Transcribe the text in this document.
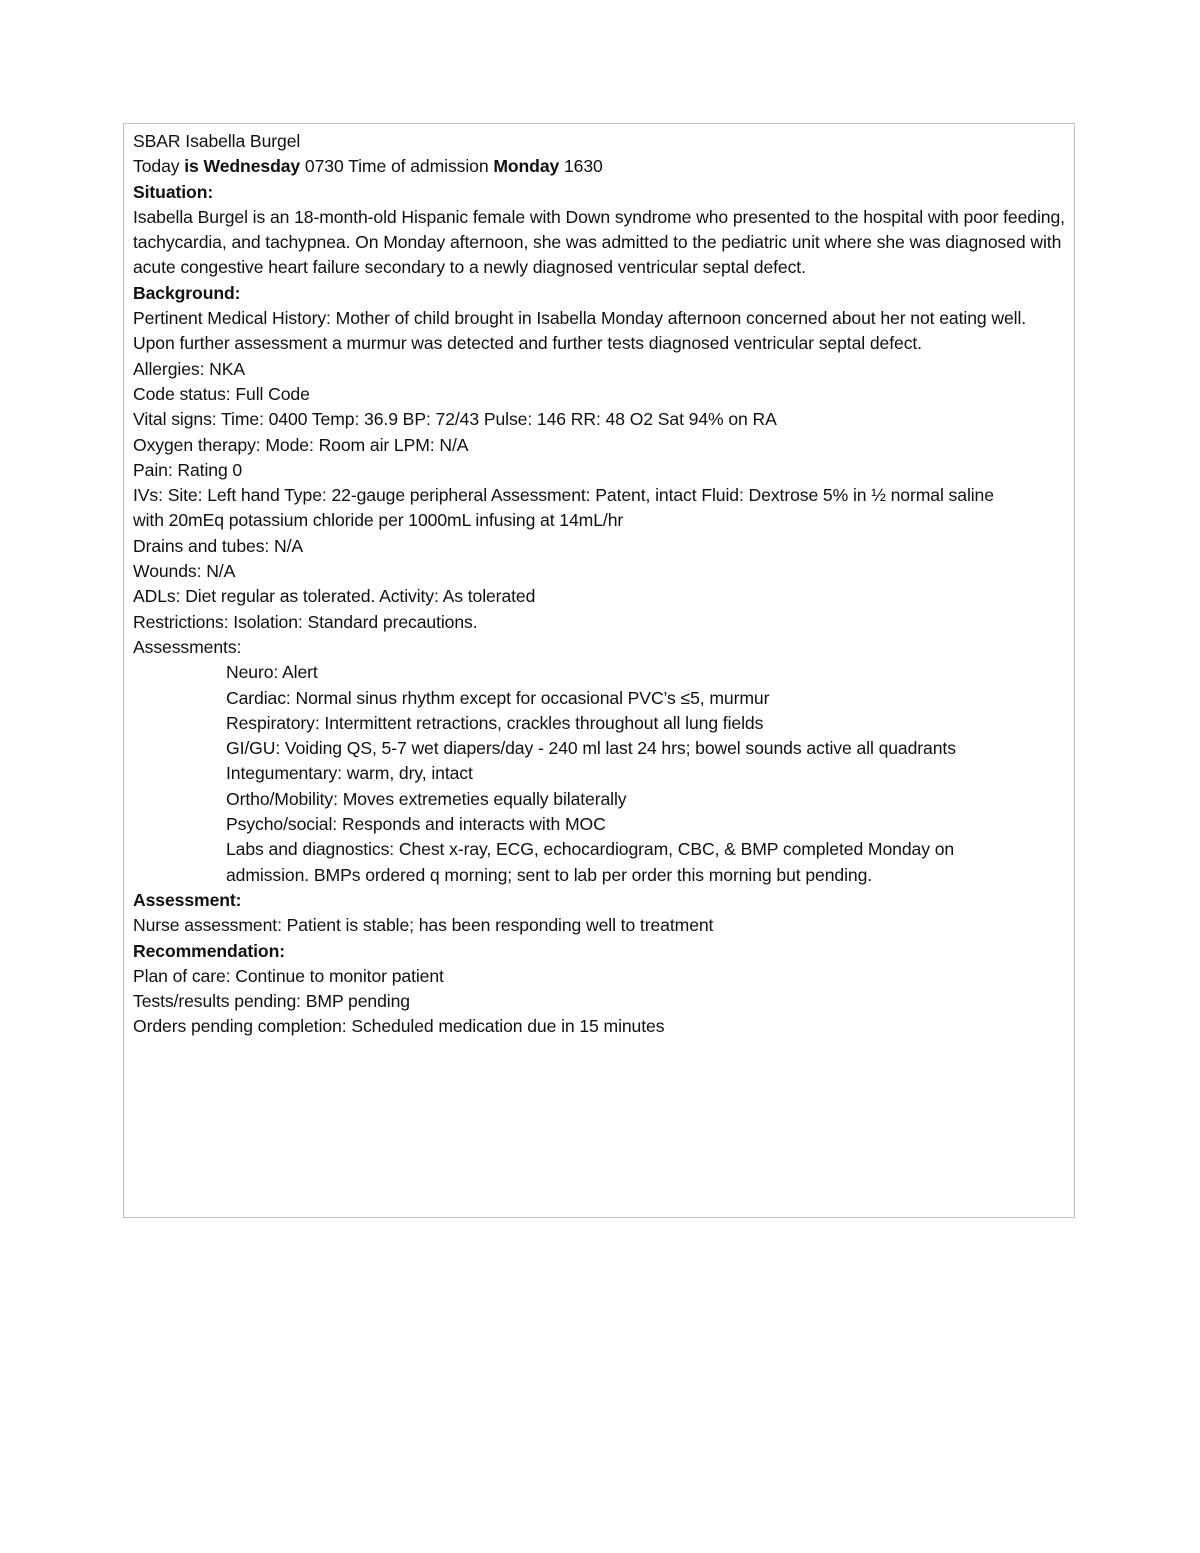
SBAR Isabella Burgel
Today is Wednesday 0730 Time of admission Monday 1630
Situation:
Isabella Burgel is an 18-month-old Hispanic female with Down syndrome who presented to the hospital with poor feeding, tachycardia, and tachypnea. On Monday afternoon, she was admitted to the pediatric unit where she was diagnosed with acute congestive heart failure secondary to a newly diagnosed ventricular septal defect.
Background:
Pertinent Medical History: Mother of child brought in Isabella Monday afternoon concerned about her not eating well. Upon further assessment a murmur was detected and further tests diagnosed ventricular septal defect.
Allergies: NKA
Code status: Full Code
Vital signs: Time: 0400 Temp: 36.9 BP: 72/43 Pulse: 146 RR: 48 O2 Sat 94% on RA
Oxygen therapy: Mode: Room air LPM: N/A
Pain: Rating 0
IVs: Site: Left hand Type: 22-gauge peripheral Assessment: Patent, intact Fluid: Dextrose 5% in ½ normal saline
with 20mEq potassium chloride per 1000mL infusing at 14mL/hr
Drains and tubes: N/A
Wounds: N/A
ADLs: Diet regular as tolerated. Activity: As tolerated
Restrictions: Isolation: Standard precautions.
Assessments:
Neuro: Alert
Cardiac: Normal sinus rhythm except for occasional PVC’s ≤5, murmur
Respiratory: Intermittent retractions, crackles throughout all lung fields
GI/GU: Voiding QS, 5-7 wet diapers/day - 240 ml last 24 hrs; bowel sounds active all quadrants
Integumentary: warm, dry, intact
Ortho/Mobility: Moves extremeties equally bilaterally
Psycho/social: Responds and interacts with MOC
Labs and diagnostics: Chest x-ray, ECG, echocardiogram, CBC, & BMP completed Monday on
admission. BMPs ordered q morning; sent to lab per order this morning but pending.
Assessment:
Nurse assessment: Patient is stable; has been responding well to treatment
Recommendation:
Plan of care: Continue to monitor patient
Tests/results pending: BMP pending
Orders pending completion: Scheduled medication due in 15 minutes
